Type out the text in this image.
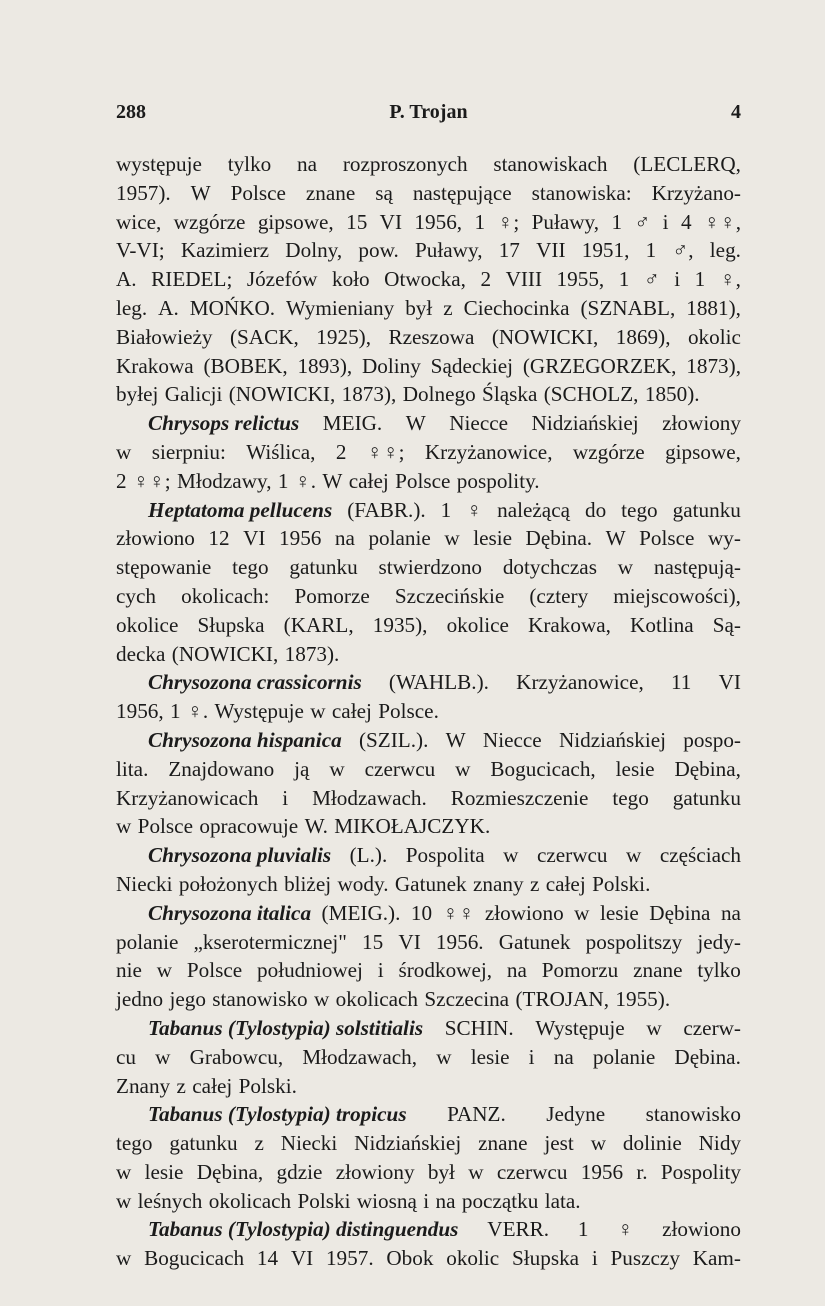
288	P. Trojan	4
występuje tylko na rozproszonych stanowiskach (LECLERQ,
1957). W Polsce znane są następujące stanowiska: Krzyżano-
wice, wzgórze gipsowe, 15 VI 1956, 1 ♀; Puławy, 1 ♂ i 4 ♀♀,
V-VI; Kazimierz Dolny, pow. Puławy, 17 VII 1951, 1 ♂, leg.
A. RIEDEL; Józefów koło Otwocka, 2 VIII 1955, 1 ♂ i 1 ♀,
leg. A. MOŃKO. Wymieniany był z Ciechocinka (SZNABL, 1881),
Białowieży (SACK, 1925), Rzeszowa (NOWICKI, 1869), okolic
Krakowa (BOBEK, 1893), Doliny Sądeckiej (GRZEGORZEK, 1873),
byłej Galicji (NOWICKI, 1873), Dolnego Śląska (SCHOLZ, 1850).
Chrysops relictus MEIG. W Niecce Nidziańskiej złowiony
w sierpniu: Wiślica, 2 ♀♀; Krzyżanowice, wzgórze gipsowe,
2 ♀♀; Młodzawy, 1 ♀. W całej Polsce pospolity.
Heptatoma pellucens (FABR.). 1 ♀ należącą do tego gatunku
złowiono 12 VI 1956 na polanie w lesie Dębina. W Polsce wy-
stępowanie tego gatunku stwierdzono dotychczas w następują-
cych okolicach: Pomorze Szczecińskie (cztery miejscowości),
okolice Słupska (KARL, 1935), okolice Krakowa, Kotlina Są-
decka (NOWICKI, 1873).
Chrysozona crassicornis (WAHLB.). Krzyżanowice, 11 VI
1956, 1 ♀. Występuje w całej Polsce.
Chrysozona hispanica (SZIL.). W Niecce Nidziańskiej pospo-
lita. Znajdowano ją w czerwcu w Bogucicach, lesie Dębina,
Krzyżanowicach i Młodzawach. Rozmieszczenie tego gatunku
w Polsce opracowuje W. MIKOŁAJCZYK.
Chrysozona pluvialis (L.). Pospolita w czerwcu w częściach
Niecki położonych bliżej wody. Gatunek znany z całej Polski.
Chrysozona italica (MEIG.). 10 ♀♀ złowiono w lesie Dębina na
polanie „kserotermicznej" 15 VI 1956. Gatunek pospolitszy jedy-
nie w Polsce południowej i środkowej, na Pomorzu znane tylko
jedno jego stanowisko w okolicach Szczecina (TROJAN, 1955).
Tabanus (Tylostypia) solstitialis SCHIN. Występuje w czerw-
cu w Grabowcu, Młodzawach, w lesie i na polanie Dębina.
Znany z całej Polski.
Tabanus (Tylostypia) tropicus PANZ. Jedyne stanowisko
tego gatunku z Niecki Nidziańskiej znane jest w dolinie Nidy
w lesie Dębina, gdzie złowiony był w czerwcu 1956 r. Pospolity
w leśnych okolicach Polski wiosną i na początku lata.
Tabanus (Tylostypia) distinguendus VERR. 1 ♀ złowiono
w Bogucicach 14 VI 1957. Obok okolic Słupska i Puszczy Kam-
